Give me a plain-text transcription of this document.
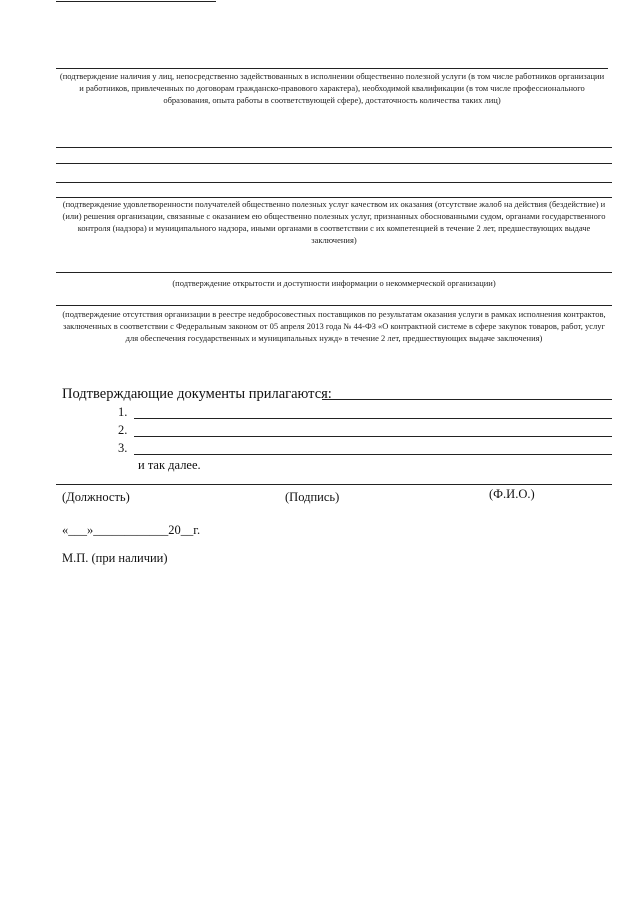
(подтверждение наличия у лиц, непосредственно задействованных в исполнении общественно полезной услуги (в том числе работников организации и работников, привлеченных по договорам гражданско-правового характера), необходимой квалификации (в том числе профессионального образования, опыта работы в соответствующей сфере), достаточность количества таких лиц)
(подтверждение удовлетворенности получателей общественно полезных услуг качеством их оказания (отсутствие жалоб на действия (бездействие) и (или) решения организации, связанные с оказанием ею общественно полезных услуг, признанных обоснованными судом, органами государственного контроля (надзора) и муниципального надзора, иными органами в соответствии с их компетенцией в течение 2 лет, предшествующих выдаче заключения)
(подтверждение открытости и доступности информации о некоммерческой организации)
(подтверждение отсутствия организации в реестре недобросовестных поставщиков по результатам оказания услуги в рамках исполнения контрактов, заключенных в соответствии с Федеральным законом от 05 апреля 2013 года № 44-ФЗ «О контрактной системе в сфере закупок товаров, работ, услуг для обеспечения государственных и муниципальных нужд» в течение 2 лет, предшествующих выдаче заключения)
Подтверждающие документы прилагаются:
1.
2.
3.
и так далее.
(Должность)	(Подпись)	(Ф.И.О.)
«___»____________20__г.
М.П. (при наличии)
